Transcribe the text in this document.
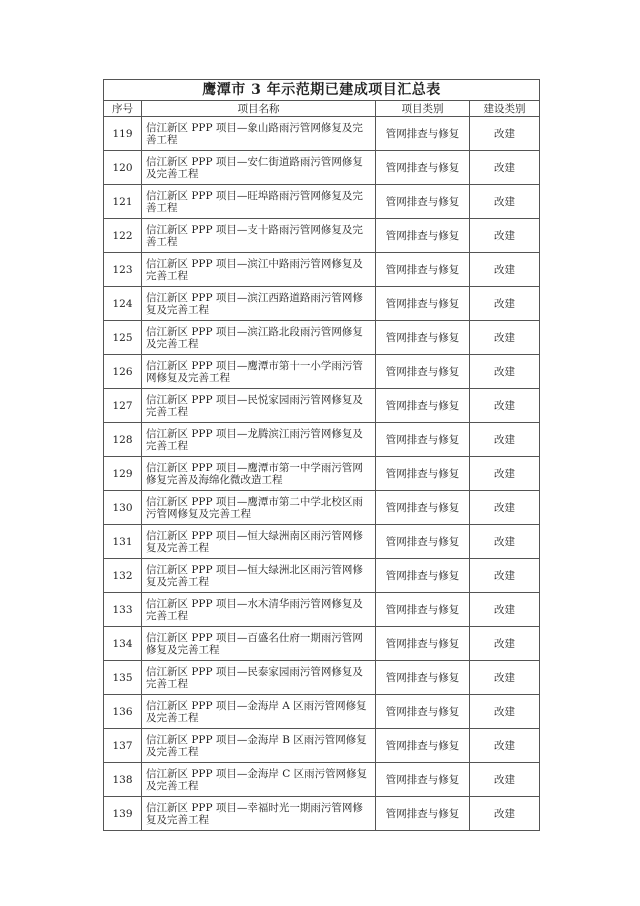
鹰潭市 3 年示范期已建成项目汇总表			
序号	项目名称	项目类别	建设类别
119	信江新区 PPP 项目—象山路雨污管网修复及完善工程	管网排查与修复	改建
120	信江新区 PPP 项目—安仁街道路雨污管网修复及完善工程	管网排查与修复	改建
121	信江新区 PPP 项目—旺埠路雨污管网修复及完善工程	管网排查与修复	改建
122	信江新区 PPP 项目—支十路雨污管网修复及完善工程	管网排查与修复	改建
123	信江新区 PPP 项目—滨江中路雨污管网修复及完善工程	管网排查与修复	改建
124	信江新区 PPP 项目—滨江西路道路雨污管网修复及完善工程	管网排查与修复	改建
125	信江新区 PPP 项目—滨江路北段雨污管网修复及完善工程	管网排查与修复	改建
126	信江新区 PPP 项目—鹰潭市第十一小学雨污管网修复及完善工程	管网排查与修复	改建
127	信江新区 PPP 项目—民悦家园雨污管网修复及完善工程	管网排查与修复	改建
128	信江新区 PPP 项目—龙腾滨江雨污管网修复及完善工程	管网排查与修复	改建
129	信江新区 PPP 项目—鹰潭市第一中学雨污管网修复完善及海绵化微改造工程	管网排查与修复	改建
130	信江新区 PPP 项目—鹰潭市第二中学北校区雨污管网修复及完善工程	管网排查与修复	改建
131	信江新区 PPP 项目—恒大绿洲南区雨污管网修复及完善工程	管网排查与修复	改建
132	信江新区 PPP 项目—恒大绿洲北区雨污管网修复及完善工程	管网排查与修复	改建
133	信江新区 PPP 项目—水木清华雨污管网修复及完善工程	管网排查与修复	改建
134	信江新区 PPP 项目—百盛名仕府一期雨污管网修复及完善工程	管网排查与修复	改建
135	信江新区 PPP 项目—民泰家园雨污管网修复及完善工程	管网排查与修复	改建
136	信江新区 PPP 项目—金海岸 A 区雨污管网修复及完善工程	管网排查与修复	改建
137	信江新区 PPP 项目—金海岸 B 区雨污管网修复及完善工程	管网排查与修复	改建
138	信江新区 PPP 项目—金海岸 C 区雨污管网修复及完善工程	管网排查与修复	改建
139	信江新区 PPP 项目—幸福时光一期雨污管网修复及完善工程	管网排查与修复	改建
